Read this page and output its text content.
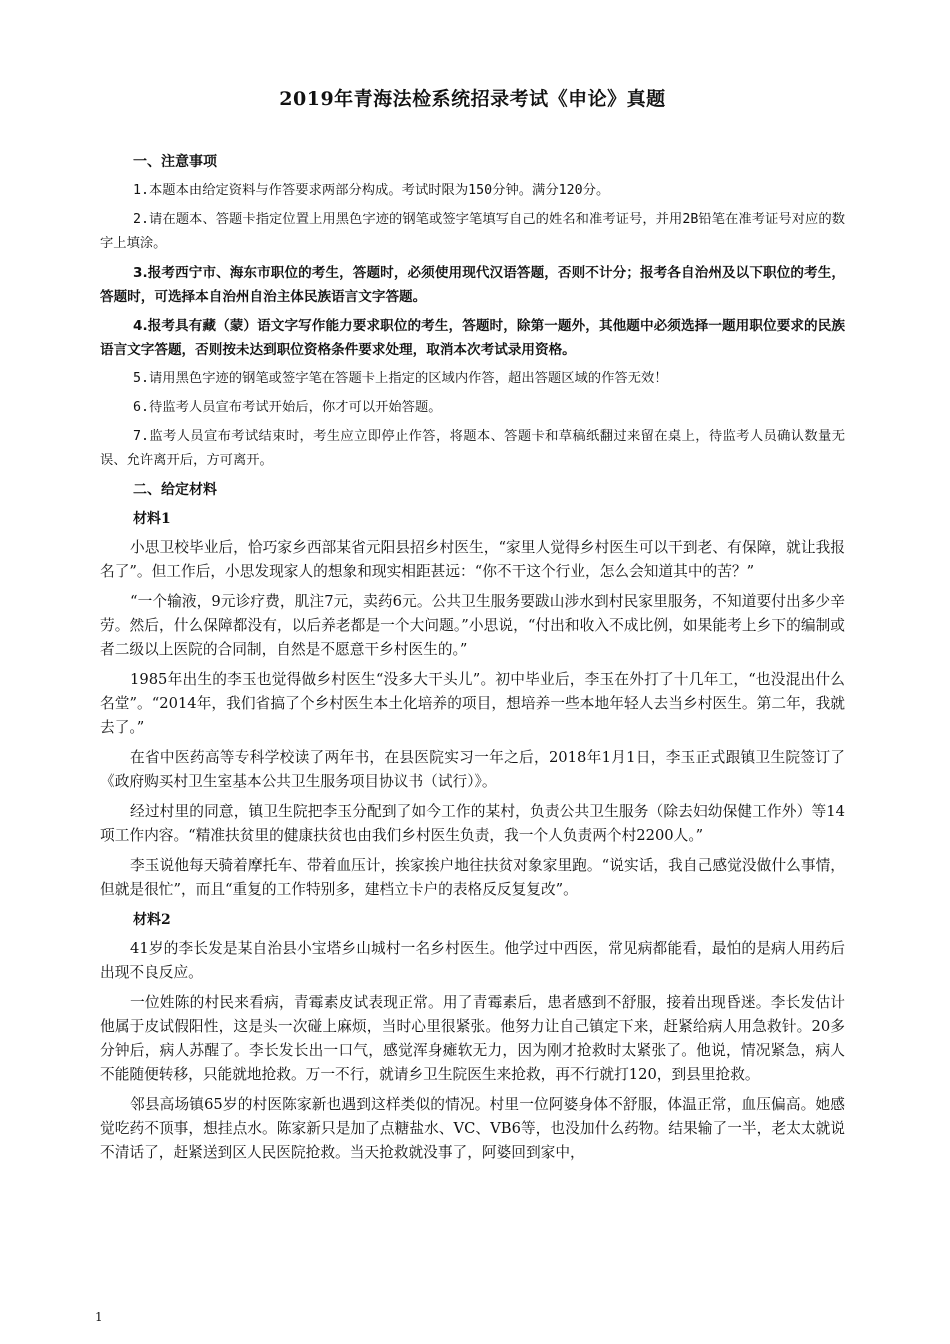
2019年青海法检系统招录考试《申论》真题

一、注意事项

1.本题本由给定资料与作答要求两部分构成。考试时限为150分钟。满分120分。

2.请在题本、答题卡指定位置上用黑色字迹的钢笔或签字笔填写自己的姓名和准考证号，并用2B铅笔在准考证号对应的数字上填涂。

3.报考西宁市、海东市职位的考生，答题时，必须使用现代汉语答题，否则不计分；报考各自治州及以下职位的考生，答题时，可选择本自治州自治主体民族语言文字答题。

4.报考具有藏（蒙）语文字写作能力要求职位的考生，答题时，除第一题外，其他题中必须选择一题用职位要求的民族语言文字答题，否则按未达到职位资格条件要求处理，取消本次考试录用资格。

5.请用黑色字迹的钢笔或签字笔在答题卡上指定的区域内作答，超出答题区域的作答无效！

6.待监考人员宣布考试开始后，你才可以开始答题。

7.监考人员宣布考试结束时，考生应立即停止作答，将题本、答题卡和草稿纸翻过来留在桌上，待监考人员确认数量无误、允许离开后，方可离开。

二、给定材料

材料1

小思卫校毕业后，恰巧家乡西部某省元阳县招乡村医生，“家里人觉得乡村医生可以干到老、有保障，就让我报名了”。但工作后，小思发现家人的想象和现实相距甚远：“你不干这个行业，怎么会知道其中的苦？”

“一个输液，9元诊疗费，肌注7元，卖药6元。公共卫生服务要跋山涉水到村民家里服务，不知道要付出多少辛劳。然后，什么保障都没有，以后养老都是一个大问题。”小思说，“付出和收入不成比例，如果能考上乡下的编制或者二级以上医院的合同制，自然是不愿意干乡村医生的。”

1985年出生的李玉也觉得做乡村医生“没多大干头儿”。初中毕业后，李玉在外打了十几年工，“也没混出什么名堂”。“2014年，我们省搞了个乡村医生本土化培养的项目，想培养一些本地年轻人去当乡村医生。第二年，我就去了。”

在省中医药高等专科学校读了两年书，在县医院实习一年之后，2018年1月1日，李玉正式跟镇卫生院签订了《政府购买村卫生室基本公共卫生服务项目协议书（试行）》。

经过村里的同意，镇卫生院把李玉分配到了如今工作的某村，负责公共卫生服务（除去妇幼保健工作外）等14项工作内容。“精准扶贫里的健康扶贫也由我们乡村医生负责，我一个人负责两个村2200人。”

李玉说他每天骑着摩托车、带着血压计，挨家挨户地往扶贫对象家里跑。“说实话，我自己感觉没做什么事情，但就是很忙”，而且“重复的工作特别多，建档立卡户的表格反反复复改”。

材料2

41岁的李长发是某自治县小宝塔乡山城村一名乡村医生。他学过中西医，常见病都能看，最怕的是病人用药后出现不良反应。

一位姓陈的村民来看病，青霉素皮试表现正常。用了青霉素后，患者感到不舒服，接着出现昏迷。李长发估计他属于皮试假阳性，这是头一次碰上麻烦，当时心里很紧张。他努力让自己镇定下来，赶紧给病人用急救针。20多分钟后，病人苏醒了。李长发长出一口气，感觉浑身瘫软无力，因为刚才抢救时太紧张了。他说，情况紧急，病人不能随便转移，只能就地抢救。万一不行，就请乡卫生院医生来抢救，再不行就打120，到县里抢救。

邻县高场镇65岁的村医陈家新也遇到这样类似的情况。村里一位阿婆身体不舒服，体温正常，血压偏高。她感觉吃药不顶事，想挂点水。陈家新只是加了点糖盐水、VC、VB6等，也没加什么药物。结果输了一半，老太太就说不清话了，赶紧送到区人民医院抢救。当天抢救就没事了，阿婆回到家中，

1
